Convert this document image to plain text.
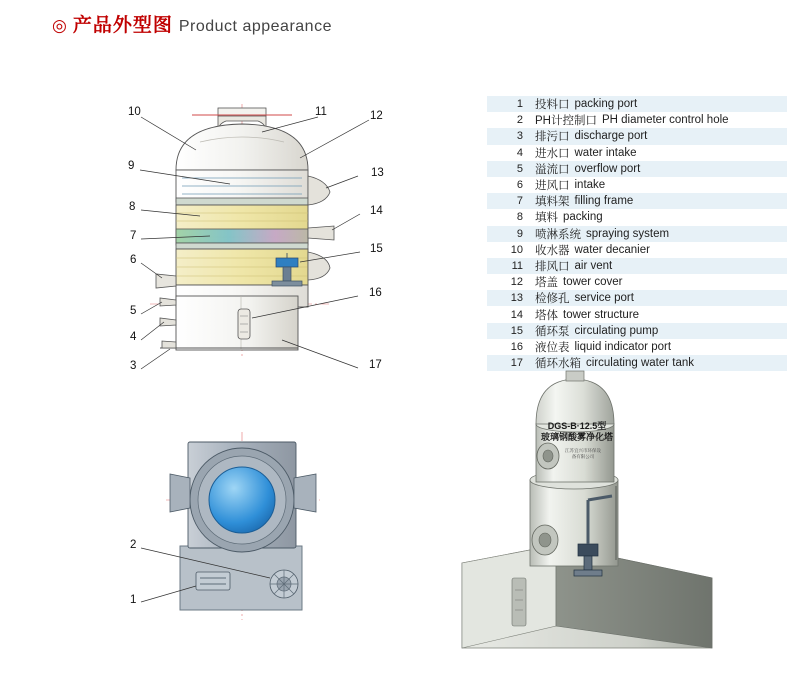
◎ 产品外型图 Product appearance
1	投料口 packing port
2	PH计控制口 PH diameter control hole
3	排污口 discharge port
4	进水口 water intake
5	溢流口 overflow port
6	进风口 intake
7	填料架 filling frame
8	填料 packing
9	喷淋系统 spraying system
10	收水器 water decanier
11	排风口 air vent
12	塔盖 tower cover
13	检修孔 service port
14	塔体 tower structure
15	循环泵 circulating pump
16	液位表 liquid indicator port
17	循环水箱 circulating water tank
10	11	12
9
13
8	14
7
15
6
16
5
4
17
3
2
1
DGS-B·12.5型
玻璃钢酸雾净化塔
江苏宜兴市环保设备有限公司
